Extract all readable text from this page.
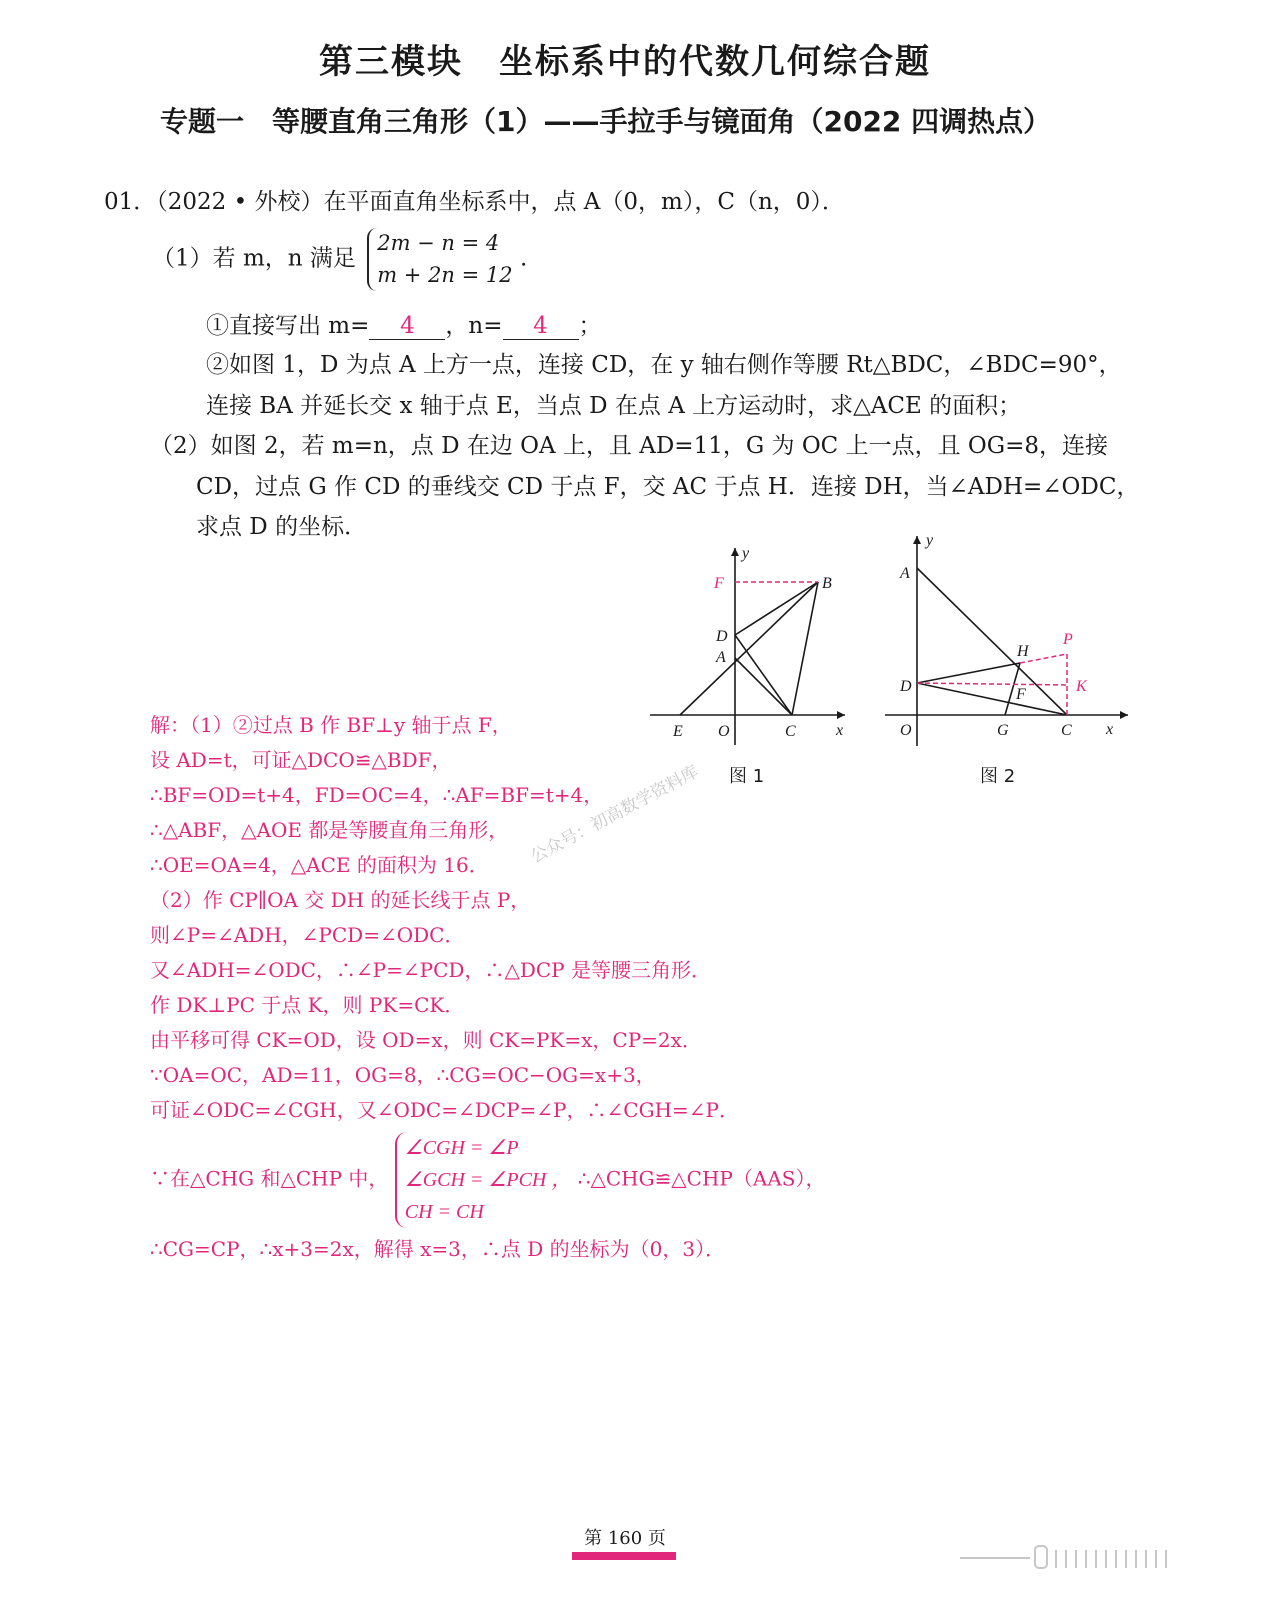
第三模块　坐标系中的代数几何综合题
专题一　等腰直角三角形（1）——手拉手与镜面角（2022 四调热点）
01．（2022 • 外校）在平面直角坐标系中，点 A（0，m），C（n，0）．
（1）若 m，n 满足
2m − n = 4
m + 2n = 12
.
①直接写出 m= 4 ，n= 4 ；
②如图 1，D 为点 A 上方一点，连接 CD，在 y 轴右侧作等腰 Rt△BDC，∠BDC=90°，
连接 BA 并延长交 x 轴于点 E，当点 D 在点 A 上方运动时，求△ACE 的面积；
（2）如图 2，若 m=n，点 D 在边 OA 上，且 AD=11，G 为 OC 上一点，且 OG=8，连接
CD，过点 G 作 CD 的垂线交 CD 于点 F，交 AC 于点 H．连接 DH，当∠ADH=∠ODC，
求点 D 的坐标．
y
x
F	B
D
A
E O	C
图 1
y
x
A
H
P
D	F	K
O	G	C
图 2
公众号：初高数学资料库
解：（1）②过点 B 作 BF⊥y 轴于点 F，
设 AD=t，可证△DCO≌△BDF，
∴BF=OD=t+4，FD=OC=4，∴AF=BF=t+4，
∴△ABF，△AOE 都是等腰直角三角形，
∴OE=OA=4，△ACE 的面积为 16．
（2）作 CP∥OA 交 DH 的延长线于点 P，
则∠P=∠ADH，∠PCD=∠ODC．
又∠ADH=∠ODC，∴∠P=∠PCD，∴△DCP 是等腰三角形．
作 DK⊥PC 于点 K，则 PK=CK．
由平移可得 CK=OD，设 OD=x，则 CK=PK=x，CP=2x．
∵OA=OC，AD=11，OG=8，∴CG=OC−OG=x+3，
可证∠ODC=∠CGH，又∠ODC=∠DCP=∠P，∴∠CGH=∠P．
∵在△CHG 和△CHP 中，
∠CGH = ∠P
∠GCH = ∠PCH ，
CH = CH
∴△CHG≌△CHP（AAS），
∴CG=CP，∴x+3=2x，解得 x=3，∴点 D 的坐标为（0，3）．
第 160 页
